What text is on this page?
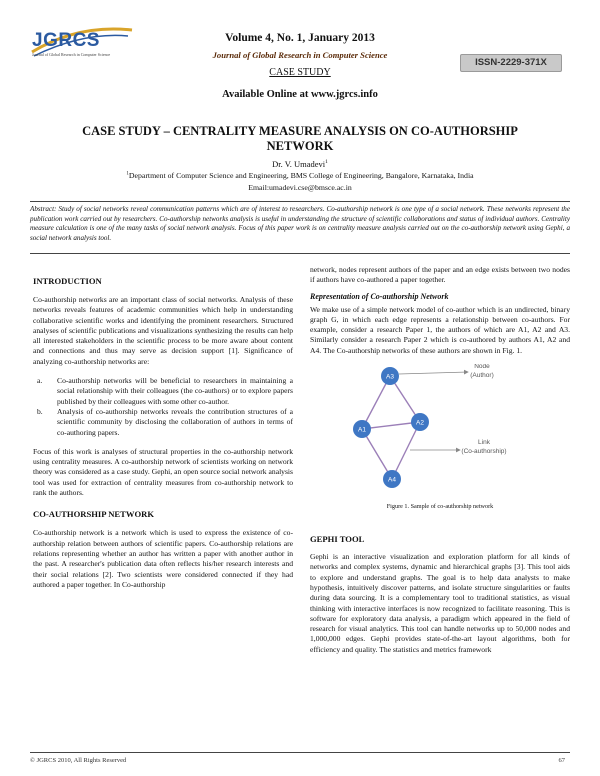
JGRCS
Journal of Global Research in Computer Science
Volume 4, No. 1, January 2013
Journal of Global Research in Computer Science
CASE STUDY
Available Online at www.jgrcs.info
ISSN-2229-371X
CASE STUDY – CENTRALITY MEASURE ANALYSIS ON CO-AUTHORSHIP NETWORK
Dr. V. Umadevi$^1$
$^1$Department of Computer Science and Engineering, BMS College of Engineering, Bangalore, Karnataka, India
Email:umadevi.cse@bmsce.ac.in
Abstract: Study of social networks reveal communication patterns which are of interest to researchers. Co-authorship network is one type of a social network. These networks represent the publication work carried out by researchers. Co-authorship networks analysis is useful in understanding the structure of scientific collaborations and status of individual authors. Centrality measure calculation is one of the many tasks of social network analysis. Focus of this paper work is on centrality measure analysis carried out on the co-authorship network using Gephi, a social network analysis tool.
INTRODUCTION
Co-authorship networks are an important class of social networks. Analysis of these networks reveals features of academic communities which help in understanding collaborative scientific works and identifying the prominent researchers. Structured analyses of scientific publications and visualizations synthesizing the results can help all interested stakeholders in the scientific process to be more aware about content and connections and thus may serve as decision support [1]. Significance of analyzing co-authorship networks are:
a.	Co-authorship networks will be beneficial to researchers in maintaining a social relationship with their colleagues (the co-authors) or to explore papers published by their colleagues with some other co-author.
b.	Analysis of co-authorship networks reveals the contribution structures of a scientific community by disclosing the collaboration of authors in terms of co-authoring papers.
Focus of this work is analyses of structural properties in the co-authorship network using centrality measures. A co-authorship network of scientists working on network theory was considered as a case study. Gephi, an open source social network analysis tool was used for extraction of centrality measures from co-authorship network to rank the authors.
CO-AUTHORSHIP NETWORK
Co-authorship network is a network which is used to express the existence of co-authorship relation between authors of scientific papers. Co-authorship relations are relations representing whether an author has written a paper with another author in the past. A researcher's publication data often reflects his/her research interests and their social relations [2]. Two scientists were considered connected if they had authored a paper together. In Co-authorship
network, nodes represent authors of the paper and an edge exists between two nodes if authors have co-authored a paper together.
Representation of Co-authorship Network
We make use of a simple network model of co-author which is an undirected, binary graph G, in which each edge represents a relationship between co-authors. For example, consider a research Paper 1, the authors of which are A1, A2 and A3. Similarly consider a research Paper 2 which is co-authored by authors A1, A2 and A4. The Co-authorship networks of these authors are shown in Fig. 1.
A3
A1
A2
A4
Node
(Author)
Link
(Co-authorship)
Figure 1. Sample of co-authorship network
GEPHI TOOL
Gephi is an interactive visualization and exploration platform for all kinds of networks and complex systems, dynamic and hierarchical graphs [3]. This tool aids to explore and understand graphs. The goal is to help data analysts to make hypothesis, intuitively discover patterns, and isolate structure singularities or faults during data sourcing. It is a complementary tool to traditional statistics, as visual thinking with interactive interfaces is now recognized to facilitate reasoning. This is software for exploratory data analysis, a paradigm which appeared in the field of research for visual analytics. This tool can handle networks up to 50,000 nodes and 1,000,000 edges. Gephi provides state-of-the-art layout algorithms, both for efficiency and quality. The statistics and metrics framework
© JGRCS 2010, All Rights Reserved	67
